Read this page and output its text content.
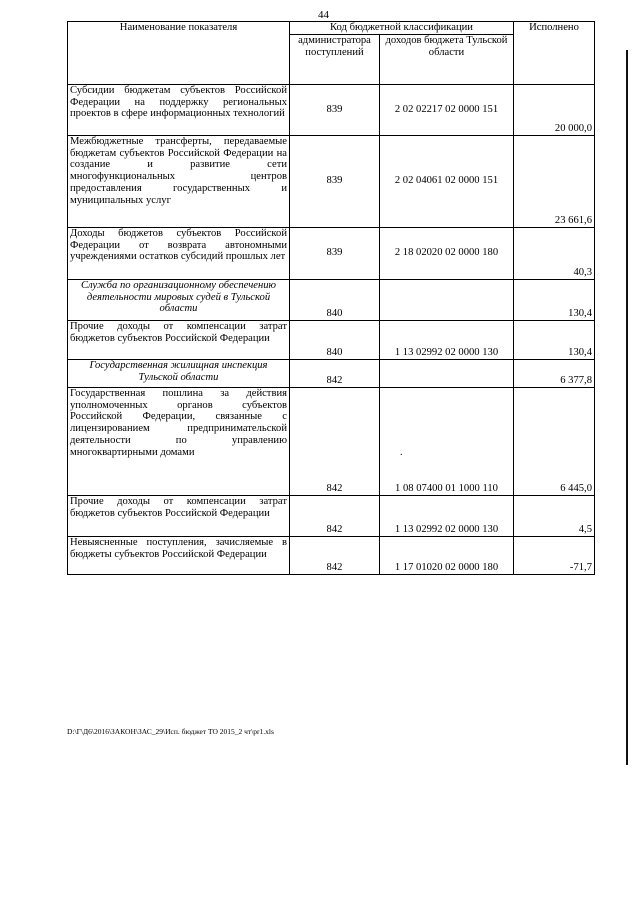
44
Наименование показателя	Код бюджетной классификации		Исполнено
	администратора поступлений	доходов бюджета Тульской области	
Субсидии бюджетам субъектов Российской Федерации на поддержку региональных проектов в сфере информационных технологий	839	2 02 02217 02 0000 151	20 000,0
Межбюджетные трансферты, передаваемые бюджетам субъектов Российской Федерации на создание и развитие сети многофункциональных центров предоставления государственных и муниципальных услуг	839	2 02 04061 02 0000 151	23 661,6
Доходы бюджетов субъектов Российской Федерации от возврата автономными учреждениями остатков субсидий прошлых лет	839	2 18 02020 02 0000 180	40,3
Служба по организационному обеспечению деятельности мировых судей в Тульской области	840		130,4
Прочие доходы от компенсации затрат бюджетов субъектов Российской Федерации	840	1 13 02992 02 0000 130	130,4
Государственная жилищная инспекция Тульской области	842		6 377,8
Государственная пошлина за действия уполномоченных органов субъектов Российской Федерации, связанные с лицензированием предпринимательской деятельности по управлению многоквартирными домами	842	1 08 07400 01 1000 110	6 445,0
Прочие доходы от компенсации затрат бюджетов субъектов Российской Федерации	842	1 13 02992 02 0000 130	4,5
Невыясненные поступления, зачисляемые в бюджеты субъектов Российской Федерации	842	1 17 01020 02 0000 180	-71,7
.
D:\Г\Д6\2016\ЗАКОН\ЗАС_29\Исп. бюджет ТО 2015_2 чт\pr1.xls
